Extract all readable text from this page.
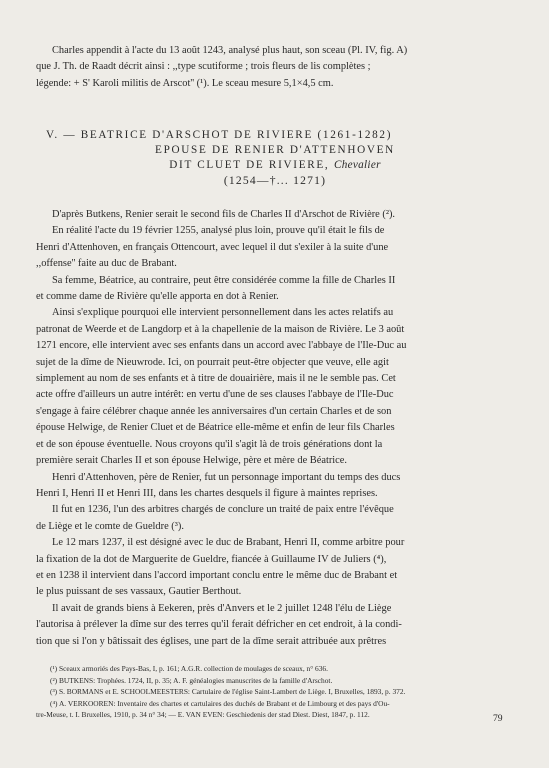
Charles appendit à l'acte du 13 août 1243, analysé plus haut, son sceau (Pl. IV, fig. A)

que J. Th. de Raadt décrit ainsi : ,,type scutiforme ; trois fleurs de lis complètes ;

légende: + S' Karoli militis de Arscot'' (¹). Le sceau mesure 5,1×4,5 cm.

V. — BEATRICE D'ARSCHOT DE RIVIERE (1261-1282)
EPOUSE DE RENIER D'ATTENHOVEN
DIT CLUET DE RIVIERE, Chevalier
(1254—†... 1271)

D'après Butkens, Renier serait le second fils de Charles II d'Arschot de Rivière (²).

En réalité l'acte du 19 février 1255, analysé plus loin, prouve qu'il était le fils de

Henri d'Attenhoven, en français Ottencourt, avec lequel il dut s'exiler à la suite d'une

,,offense'' faite au duc de Brabant.

Sa femme, Béatrice, au contraire, peut être considérée comme la fille de Charles II

et comme dame de Rivière qu'elle apporta en dot à Renier.

Ainsi s'explique pourquoi elle intervient personnellement dans les actes relatifs au

patronat de Weerde et de Langdorp et à la chapellenie de la maison de Rivière. Le 3 août

1271 encore, elle intervient avec ses enfants dans un accord avec l'abbaye de l'Ile-Duc au

sujet de la dîme de Nieuwrode. Ici, on pourrait peut-être objecter que veuve, elle agit

simplement au nom de ses enfants et à titre de douairière, mais il ne le semble pas. Cet

acte offre d'ailleurs un autre intérêt: en vertu d'une de ses clauses l'abbaye de l'Ile-Duc

s'engage à faire célébrer chaque année les anniversaires d'un certain Charles et de son

épouse Helwige, de Renier Cluet et de Béatrice elle-même et enfin de leur fils Charles

et de son épouse éventuelle. Nous croyons qu'il s'agit là de trois générations dont la

première serait Charles II et son épouse Helwige, père et mère de Béatrice.

Henri d'Attenhoven, père de Renier, fut un personnage important du temps des ducs

Henri I, Henri II et Henri III, dans les chartes desquels il figure à maintes reprises.

Il fut en 1236, l'un des arbitres chargés de conclure un traité de paix entre l'évêque

de Liège et le comte de Gueldre (³).

Le 12 mars 1237, il est désigné avec le duc de Brabant, Henri II, comme arbitre pour

la fixation de la dot de Marguerite de Gueldre, fiancée à Guillaume IV de Juliers (⁴),

et en 1238 il intervient dans l'accord important conclu entre le même duc de Brabant et

le plus puissant de ses vassaux, Gautier Berthout.

Il avait de grands biens à Eekeren, près d'Anvers et le 2 juillet 1248 l'élu de Liège

l'autorisa à prélever la dîme sur des terres qu'il ferait défricher en cet endroit, à la condi-

tion que si l'on y bâtissait des églises, une part de la dîme serait attribuée aux prêtres

(¹) Sceaux armoriés des Pays-Bas, I, p. 161; A.G.R. collection de moulages de sceaux, n° 636.

(²) BUTKENS: Trophées. 1724, II, p. 35; A. F. généalogies manuscrites de la famille d'Arschot.

(³) S. BORMANS et E. SCHOOLMEESTERS: Cartulaire de l'église Saint-Lambert de Liège. I, Bruxelles, 1893, p. 372.

(⁴) A. VERKOOREN: Inventaire des chartes et cartulaires des duchés de Brabant et de Limbourg et des pays d'Ou-

tre-Meuse, t. I. Bruxelles, 1910, p. 34 n° 34; — E. VAN EVEN: Geschiedenis der stad Diest. Diest, 1847, p. 112.	79
